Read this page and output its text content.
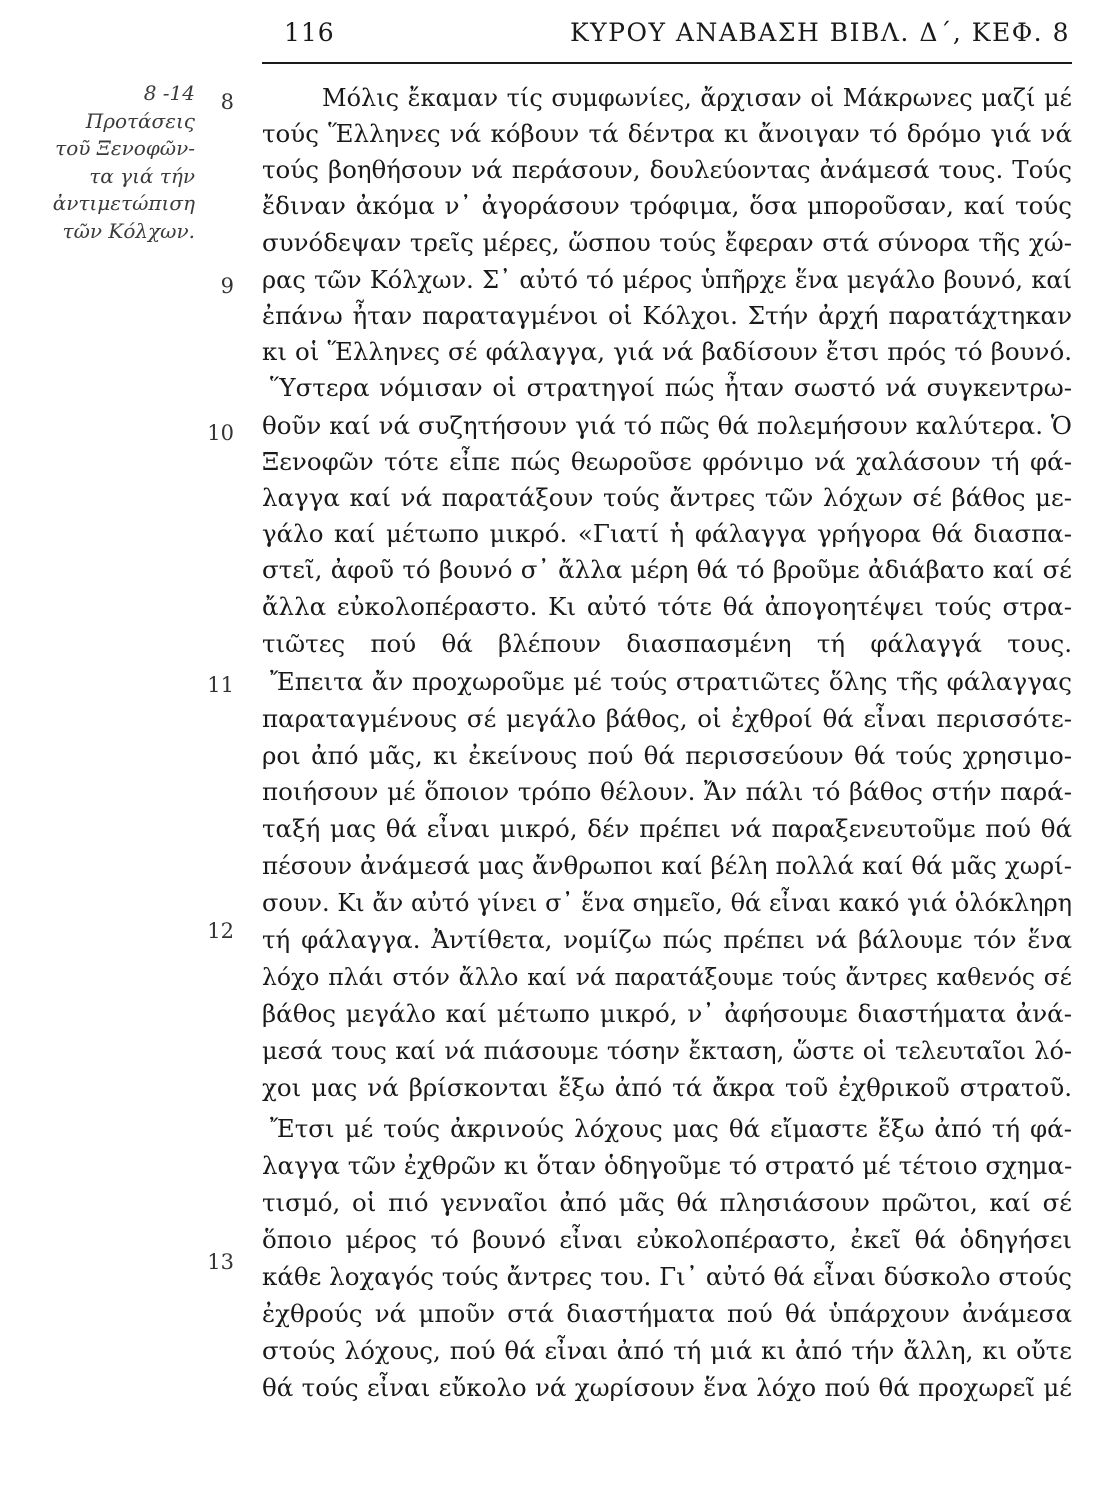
116	ΚΥΡΟΥ ΑΝΑΒΑΣΗ ΒΙΒΛ. Δ΄, ΚΕΦ. 8
8 -14
Προτάσεις
τοῦ Ξενοφῶν-
τα γιά τήν
ἀντιμετώπιση
τῶν Κόλχων.
8
9
10
11
12
13
Μόλις ἔκαμαν τίς συμφωνίες, ἄρχισαν οἱ Μάκρωνες μαζί μέ
τούς Ἕλληνες νά κόβουν τά δέντρα κι ἄνοιγαν τό δρόμο γιά νά
τούς βοηθήσουν νά περάσουν, δουλεύοντας ἀνάμεσά τους. Τούς
ἔδιναν ἀκόμα ν᾽ ἀγοράσουν τρόφιμα, ὅσα μποροῦσαν, καί τούς
συνόδεψαν τρεῖς μέρες, ὥσπου τούς ἔφεραν στά σύνορα τῆς χώ-
ρας τῶν Κόλχων. Σ᾽ αὐτό τό μέρος ὑπῆρχε ἕνα μεγάλο βουνό, καί
ἐπάνω ἦταν παραταγμένοι οἱ Κόλχοι. Στήν ἀρχή παρατάχτηκαν
κι οἱ Ἕλληνες σέ φάλαγγα, γιά νά βαδίσουν ἔτσι πρός τό βουνό.
Ὕστερα νόμισαν οἱ στρατηγοί πώς ἦταν σωστό νά συγκεντρω-
θοῦν καί νά συζητήσουν γιά τό πῶς θά πολεμήσουν καλύτερα. Ὁ
Ξενοφῶν τότε εἶπε πώς θεωροῦσε φρόνιμο νά χαλάσουν τή φά-
λαγγα καί νά παρατάξουν τούς ἄντρες τῶν λόχων σέ βάθος με-
γάλο καί μέτωπο μικρό. «Γιατί ἡ φάλαγγα γρήγορα θά διασπα-
στεῖ, ἀφοῦ τό βουνό σ᾽ ἄλλα μέρη θά τό βροῦμε ἀδιάβατο καί σέ
ἄλλα εὐκολοπέραστο. Κι αὐτό τότε θά ἀπογοητέψει τούς στρα-
τιῶτες πού θά βλέπουν διασπασμένη τή φάλαγγά τους.
Ἔπειτα ἄν προχωροῦμε μέ τούς στρατιῶτες ὅλης τῆς φάλαγγας
παραταγμένους σέ μεγάλο βάθος, οἱ ἐχθροί θά εἶναι περισσότε-
ροι ἀπό μᾶς, κι ἐκείνους πού θά περισσεύουν θά τούς χρησιμο-
ποιήσουν μέ ὅποιον τρόπο θέλουν. Ἄν πάλι τό βάθος στήν παρά-
ταξή μας θά εἶναι μικρό, δέν πρέπει νά παραξενευτοῦμε πού θά
πέσουν ἀνάμεσά μας ἄνθρωποι καί βέλη πολλά καί θά μᾶς χωρί-
σουν. Κι ἄν αὐτό γίνει σ᾽ ἕνα σημεῖο, θά εἶναι κακό γιά ὁλόκληρη
τή φάλαγγα. Ἀντίθετα, νομίζω πώς πρέπει νά βάλουμε τόν ἕνα
λόχο πλάι στόν ἄλλο καί νά παρατάξουμε τούς ἄντρες καθενός σέ
βάθος μεγάλο καί μέτωπο μικρό, ν᾽ ἀφήσουμε διαστήματα ἀνά-
μεσά τους καί νά πιάσουμε τόσην ἔκταση, ὥστε οἱ τελευταῖοι λό-
χοι μας νά βρίσκονται ἔξω ἀπό τά ἄκρα τοῦ ἐχθρικοῦ στρατοῦ.
Ἔτσι μέ τούς ἀκρινούς λόχους μας θά εἴμαστε ἔξω ἀπό τή φά-
λαγγα τῶν ἐχθρῶν κι ὅταν ὁδηγοῦμε τό στρατό μέ τέτοιο σχημα-
τισμό, οἱ πιό γενναῖοι ἀπό μᾶς θά πλησιάσουν πρῶτοι, καί σέ
ὅποιο μέρος τό βουνό εἶναι εὐκολοπέραστο, ἐκεῖ θά ὁδηγήσει
κάθε λοχαγός τούς ἄντρες του. Γι᾽ αὐτό θά εἶναι δύσκολο στούς
ἐχθρούς νά μποῦν στά διαστήματα πού θά ὑπάρχουν ἀνάμεσα
στούς λόχους, πού θά εἶναι ἀπό τή μιά κι ἀπό τήν ἄλλη, κι οὔτε
θά τούς εἶναι εὔκολο νά χωρίσουν ἕνα λόχο πού θά προχωρεῖ μέ
